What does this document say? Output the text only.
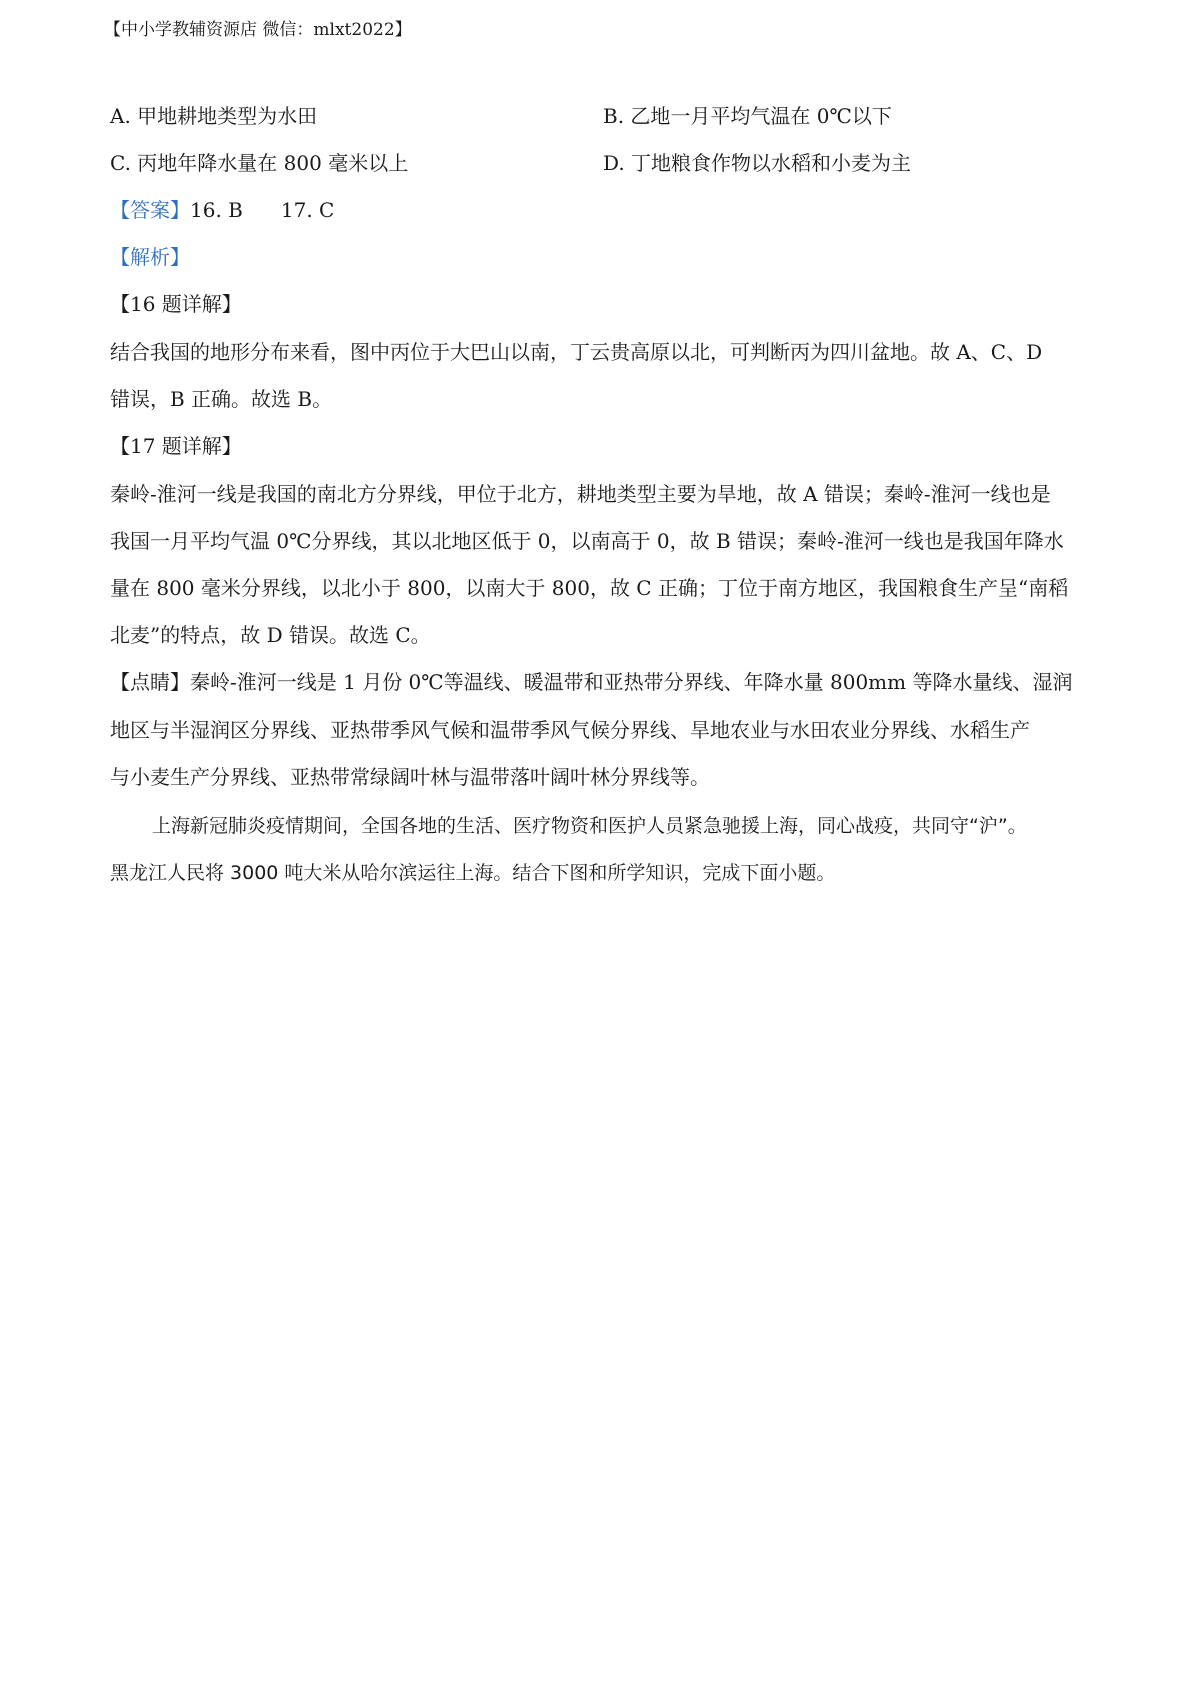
【中小学教辅资源店 微信：mlxt2022】
A. 甲地耕地类型为水田	B. 乙地一月平均气温在 0℃以下
C. 丙地年降水量在 800 毫米以上	D. 丁地粮食作物以水稻和小麦为主
【答案】16. B 17. C
【解析】
【16 题详解】
结合我国的地形分布来看，图中丙位于大巴山以南，丁云贵高原以北，可判断丙为四川盆地。故 A、C、D
错误，B 正确。故选 B。
【17 题详解】
秦岭-淮河一线是我国的南北方分界线，甲位于北方，耕地类型主要为旱地，故 A 错误；秦岭-淮河一线也是
我国一月平均气温 0℃分界线，其以北地区低于 0，以南高于 0，故 B 错误；秦岭-淮河一线也是我国年降水
量在 800 毫米分界线，以北小于 800，以南大于 800，故 C 正确；丁位于南方地区，我国粮食生产呈“南稻
北麦”的特点，故 D 错误。故选 C。
【点睛】秦岭-淮河一线是 1 月份 0℃等温线、暖温带和亚热带分界线、年降水量 800mm 等降水量线、湿润
地区与半湿润区分界线、亚热带季风气候和温带季风气候分界线、旱地农业与水田农业分界线、水稻生产
与小麦生产分界线、亚热带常绿阔叶林与温带落叶阔叶林分界线等。
上海新冠肺炎疫情期间，全国各地的生活、医疗物资和医护人员紧急驰援上海，同心战疫，共同守“沪”。
黑龙江人民将 3000 吨大米从哈尔滨运往上海。结合下图和所学知识，完成下面小题。
